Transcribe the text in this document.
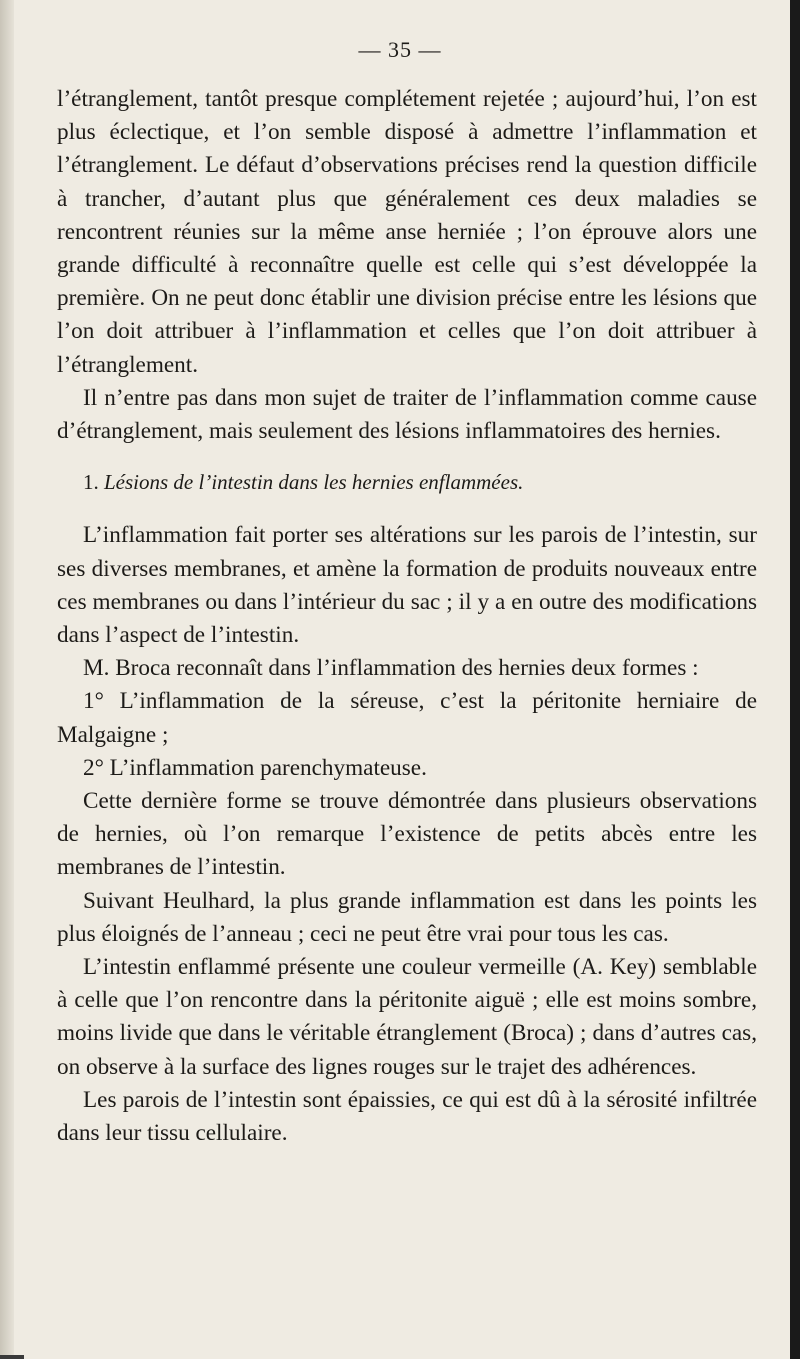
— 35 —

l’étranglement, tantôt presque complétement rejetée ; aujourd’hui, l’on est plus éclectique, et l’on semble disposé à admettre l’inflammation et l’étranglement. Le défaut d’observations précises rend la question difficile à trancher, d’autant plus que généralement ces deux maladies se rencontrent réunies sur la même anse herniée ; l’on éprouve alors une grande difficulté à reconnaître quelle est celle qui s’est développée la première. On ne peut donc établir une division précise entre les lésions que l’on doit attribuer à l’inflammation et celles que l’on doit attribuer à l’étranglement.

Il n’entre pas dans mon sujet de traiter de l’inflammation comme cause d’étranglement, mais seulement des lésions inflammatoires des hernies.

1. Lésions de l’intestin dans les hernies enflammées.

L’inflammation fait porter ses altérations sur les parois de l’intestin, sur ses diverses membranes, et amène la formation de produits nouveaux entre ces membranes ou dans l’intérieur du sac ; il y a en outre des modifications dans l’aspect de l’intestin.

M. Broca reconnaît dans l’inflammation des hernies deux formes :

1° L’inflammation de la séreuse, c’est la péritonite herniaire de Malgaigne ;

2° L’inflammation parenchymateuse.

Cette dernière forme se trouve démontrée dans plusieurs observations de hernies, où l’on remarque l’existence de petits abcès entre les membranes de l’intestin.

Suivant Heulhard, la plus grande inflammation est dans les points les plus éloignés de l’anneau ; ceci ne peut être vrai pour tous les cas.

L’intestin enflammé présente une couleur vermeille (A. Key) semblable à celle que l’on rencontre dans la péritonite aiguë ; elle est moins sombre, moins livide que dans le véritable étranglement (Broca) ; dans d’autres cas, on observe à la surface des lignes rouges sur le trajet des adhérences.

Les parois de l’intestin sont épaissies, ce qui est dû à la sérosité infiltrée dans leur tissu cellulaire.
